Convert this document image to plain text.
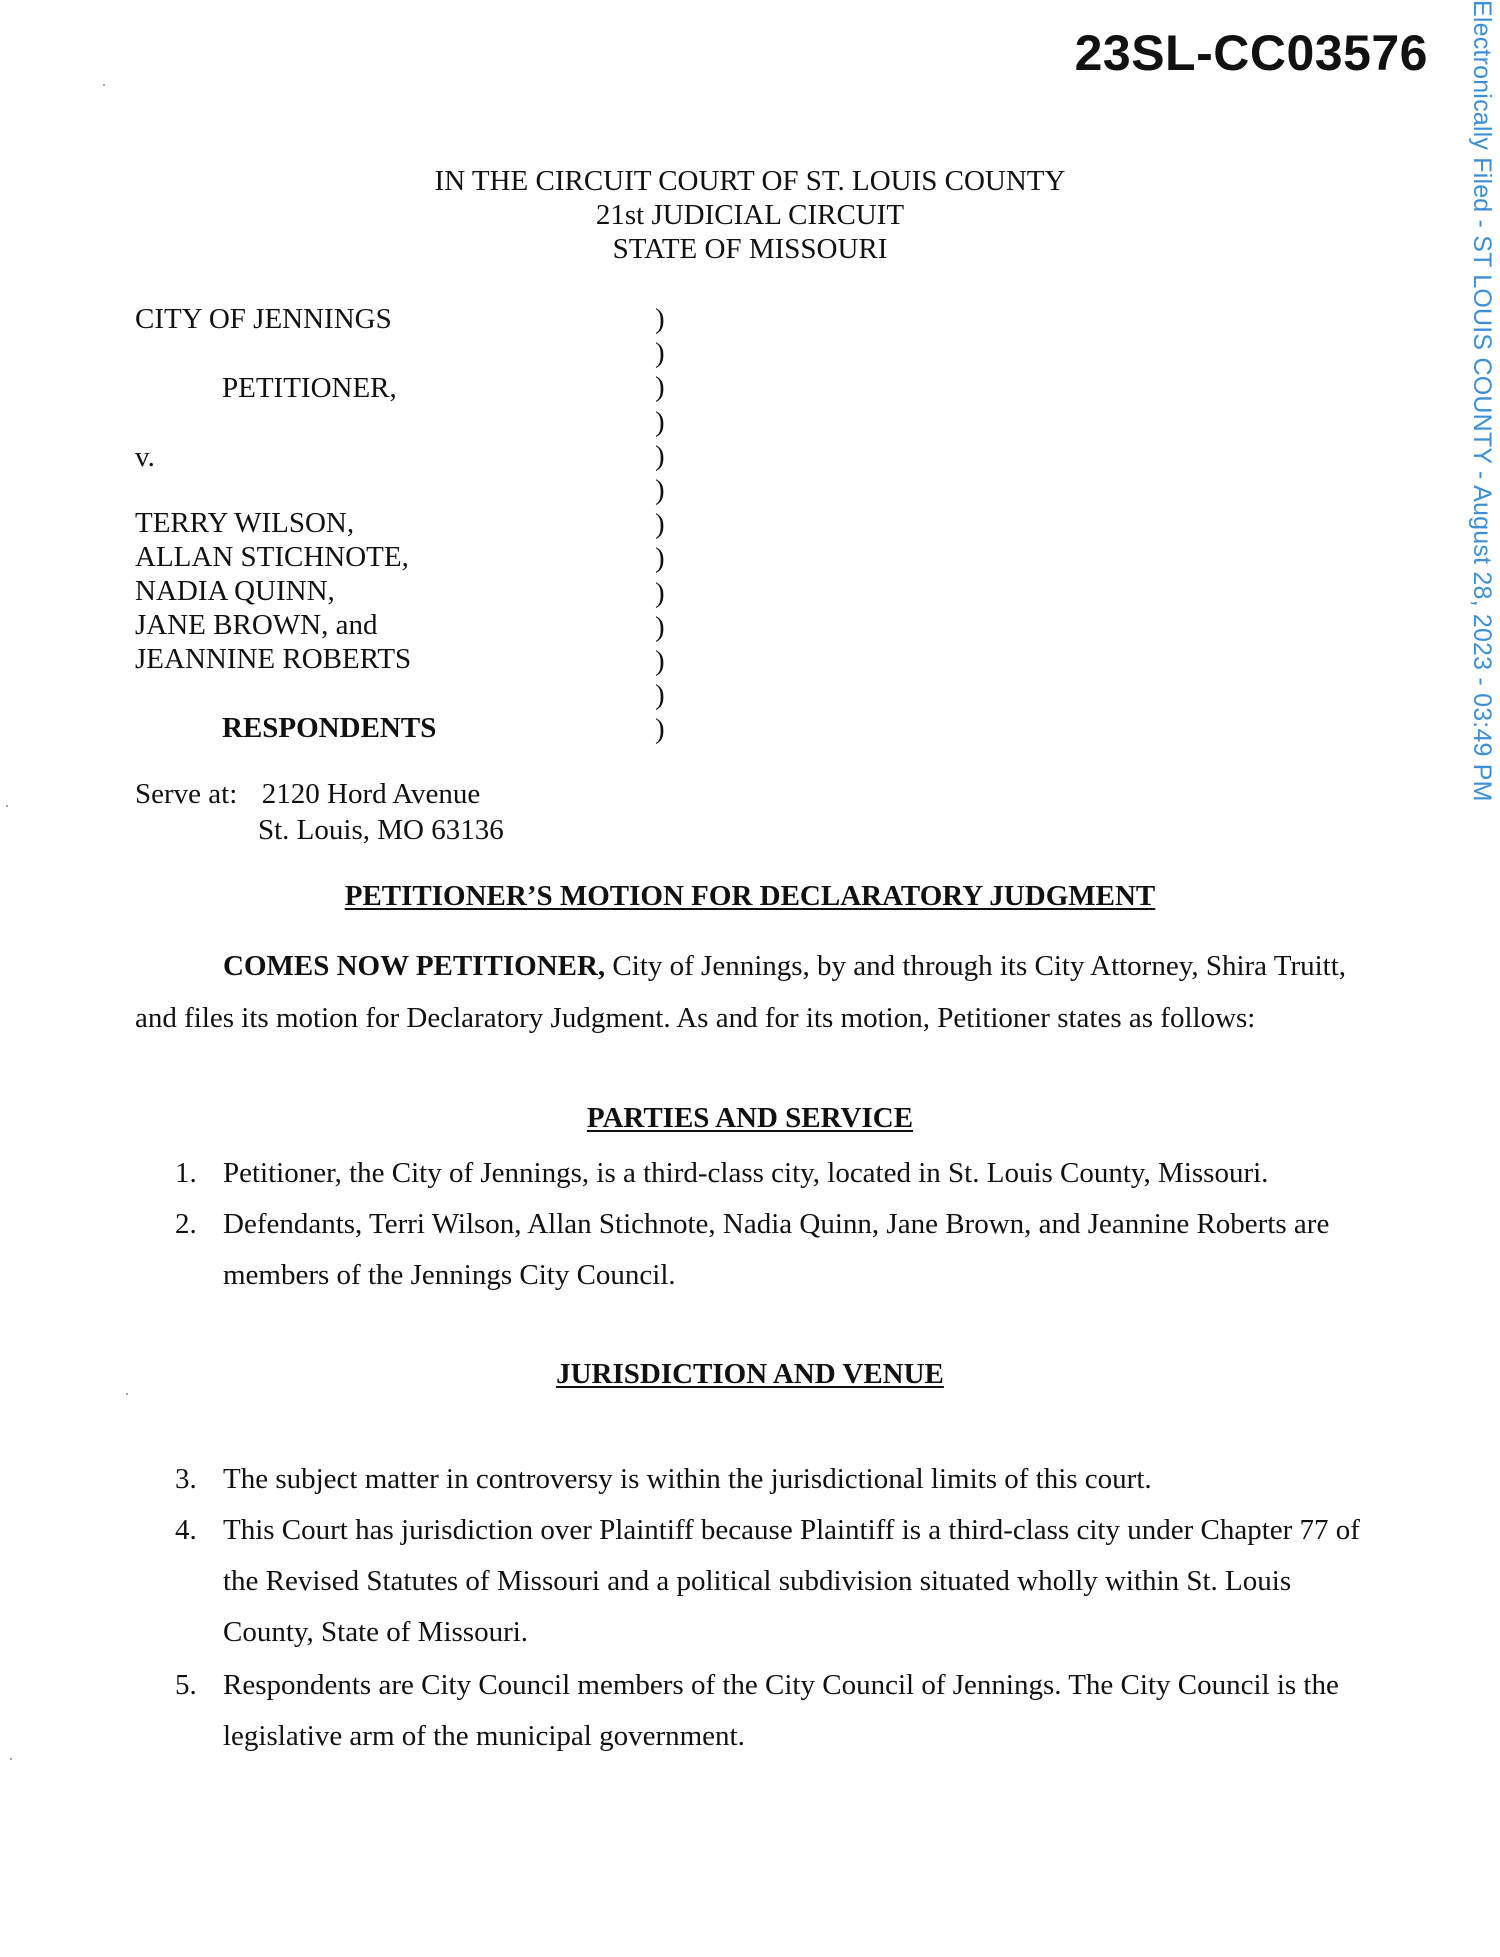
23SL-CC03576	Electronically Filed - ST LOUIS COUNTY - August 28, 2023 - 03:49 PM
IN THE CIRCUIT COURT OF ST. LOUIS COUNTY
21st JUDICIAL CIRCUIT
STATE OF MISSOURI
CITY OF JENNINGS
PETITIONER,
v.
TERRY WILSON,
ALLAN STICHNOTE,
NADIA QUINN,
JANE BROWN, and
JEANNINE ROBERTS
RESPONDENTS
)
)
)
)
)
)
)
)
)
)
)
)
)
Serve at: 2120 Hord Avenue
St. Louis, MO 63136
PETITIONER’S MOTION FOR DECLARATORY JUDGMENT
COMES NOW PETITIONER, City of Jennings, by and through its City Attorney, Shira Truitt, and files its motion for Declaratory Judgment. As and for its motion, Petitioner states as follows:
PARTIES AND SERVICE
1. Petitioner, the City of Jennings, is a third-class city, located in St. Louis County, Missouri.
2. Defendants, Terri Wilson, Allan Stichnote, Nadia Quinn, Jane Brown, and Jeannine Roberts are members of the Jennings City Council.
JURISDICTION AND VENUE
3. The subject matter in controversy is within the jurisdictional limits of this court.
4. This Court has jurisdiction over Plaintiff because Plaintiff is a third-class city under Chapter 77 of the Revised Statutes of Missouri and a political subdivision situated wholly within St. Louis County, State of Missouri.
5. Respondents are City Council members of the City Council of Jennings. The City Council is the legislative arm of the municipal government.
